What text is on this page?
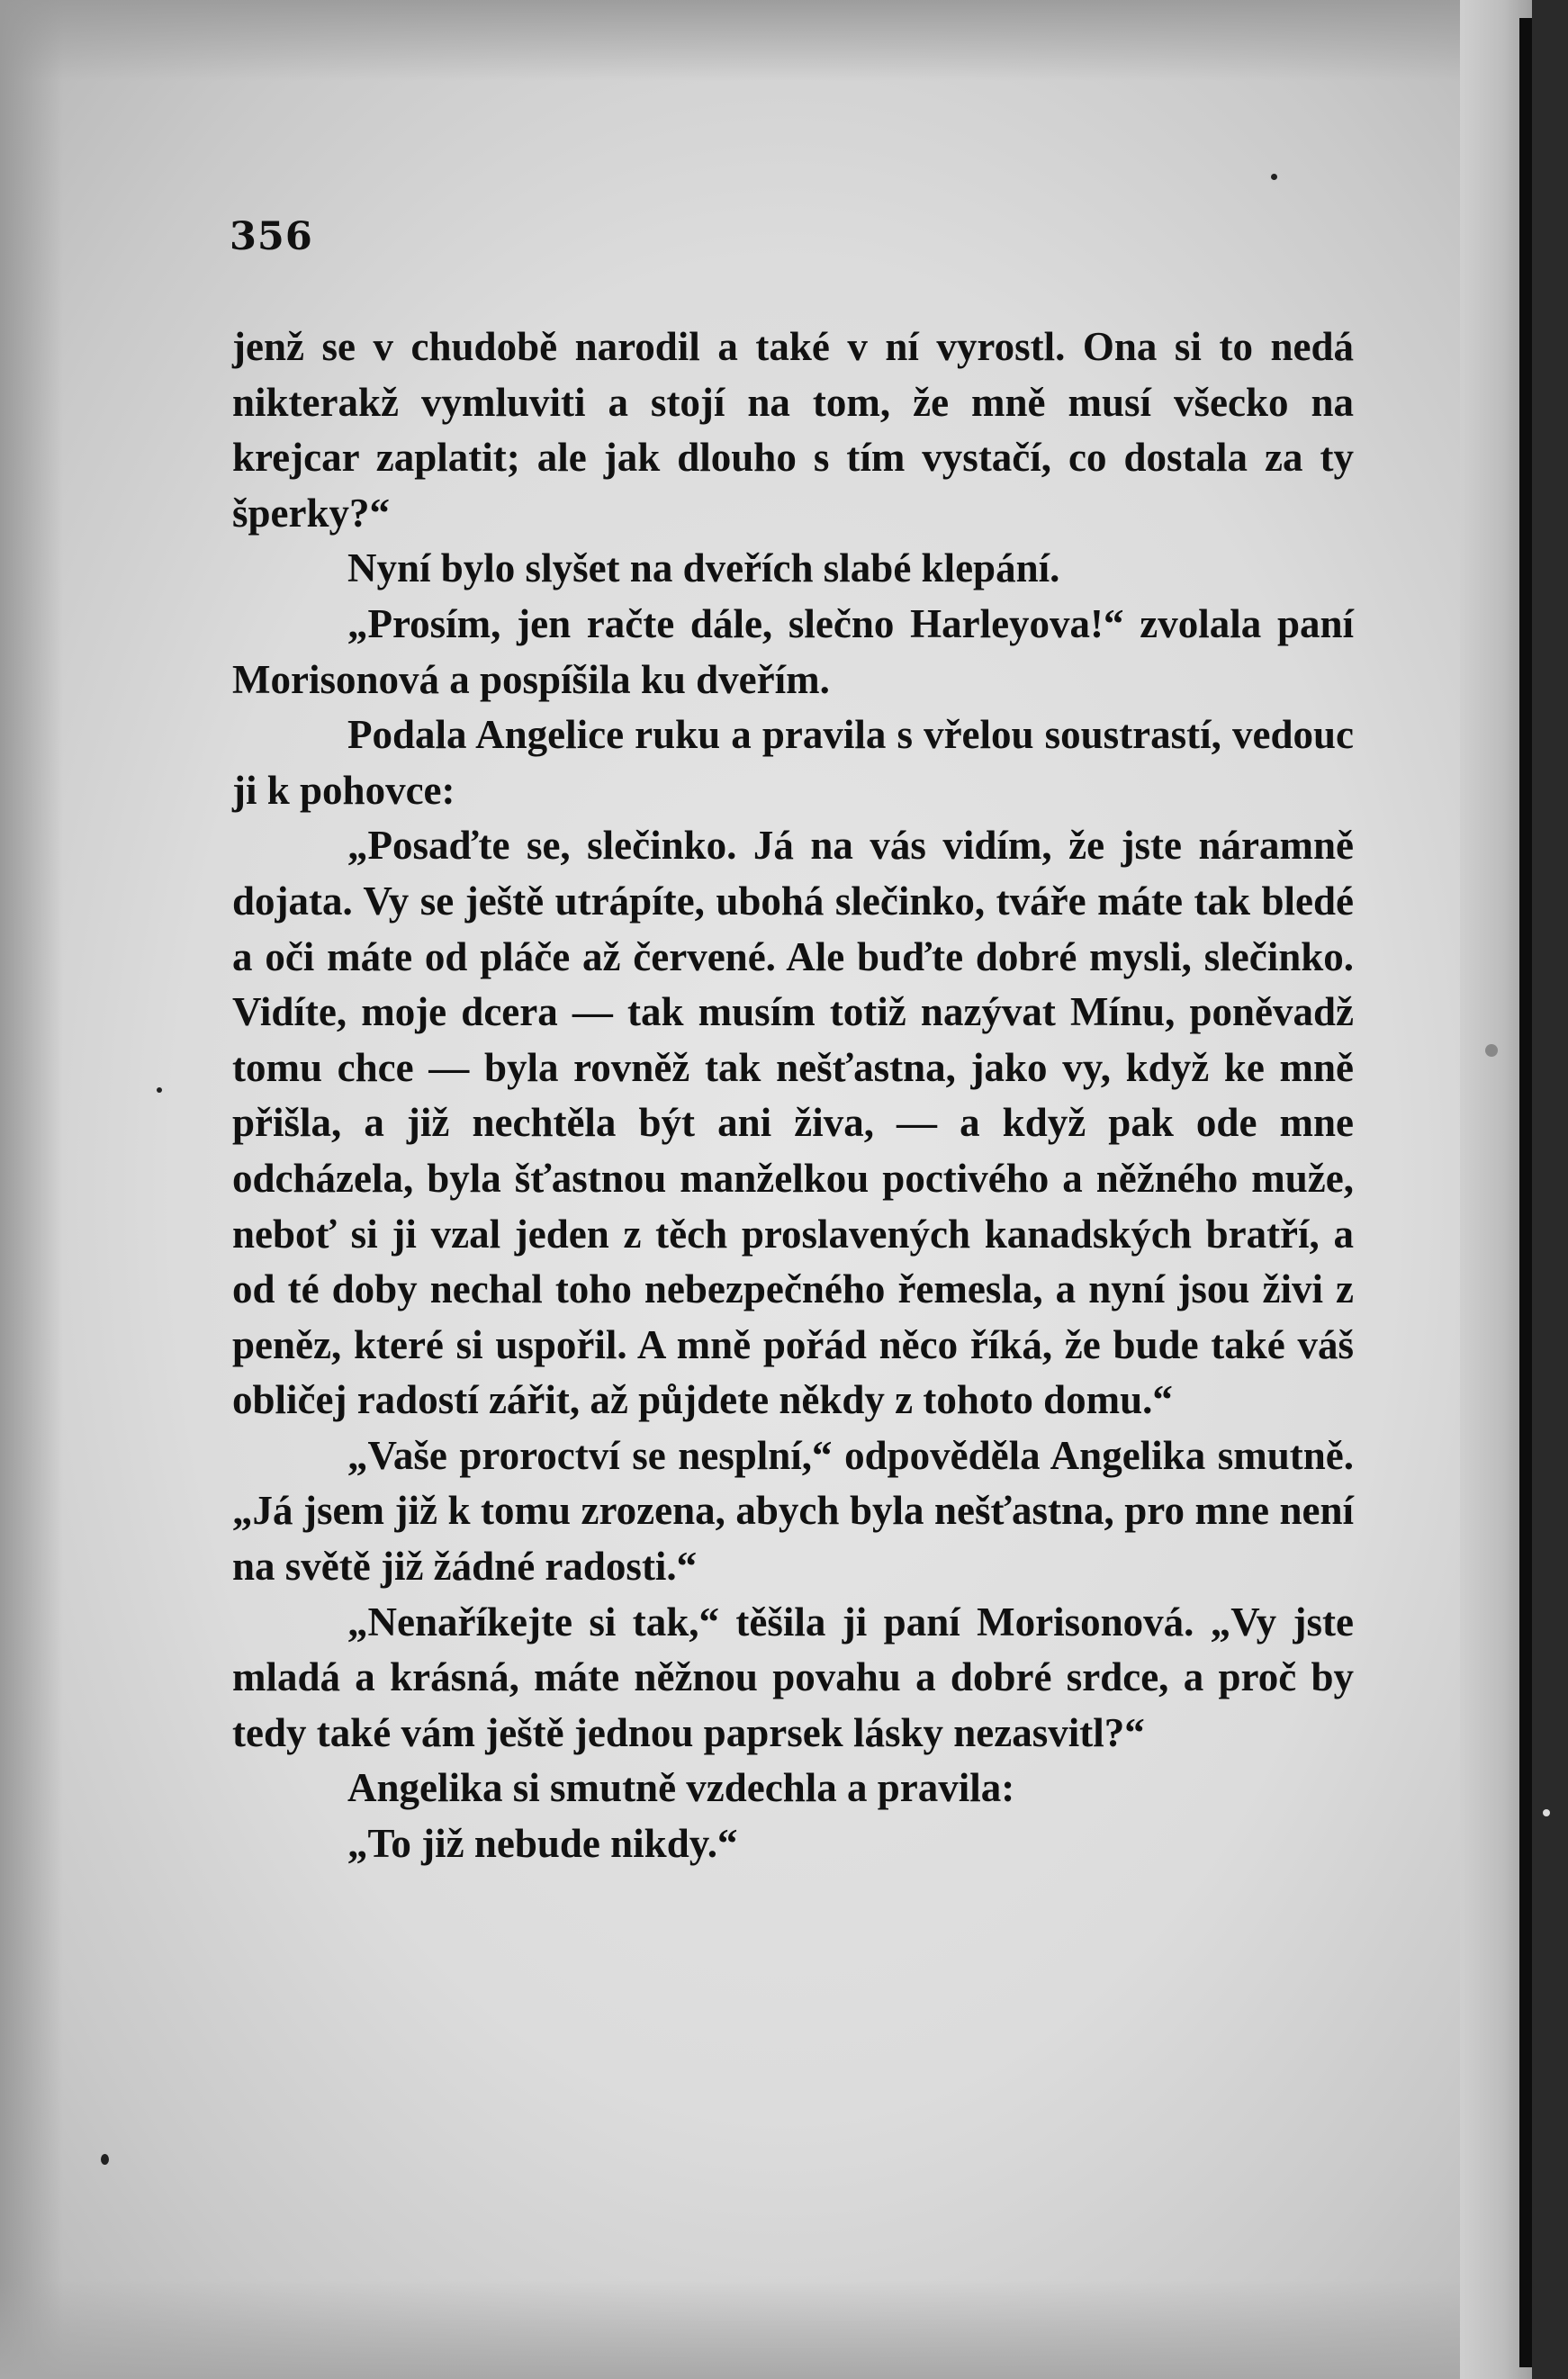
356

jenž se v chudobě narodil a také v ní vyrostl. Ona si to nedá nikterakž vymluviti a stojí na tom, že mně musí všecko na krejcar zaplatit; ale jak dlouho s tím vystačí, co dostala za ty šperky?“

Nyní bylo slyšet na dveřích slabé klepání.

„Prosím, jen račte dále, slečno Harleyova!“ zvolala paní Morisonová a pospíšila ku dveřím.

Podala Angelice ruku a pravila s vřelou soustrastí, vedouc ji k pohovce:

„Posaďte se, slečinko. Já na vás vidím, že jste náramně dojata. Vy se ještě utrápíte, ubohá slečinko, tváře máte tak bledé a oči máte od pláče až červené. Ale buďte dobré mysli, slečinko. Vidíte, moje dcera — tak musím totiž nazývat Mínu, poněvadž tomu chce — byla rovněž tak nešťastna, jako vy, když ke mně přišla, a již nechtěla být ani živa, — a když pak ode mne odcházela, byla šťastnou manželkou poctivého a něžného muže, neboť si ji vzal jeden z těch proslavených kanadských bratří, a od té doby nechal toho nebezpečného řemesla, a nyní jsou živi z peněz, které si uspořil. A mně pořád něco říká, že bude také váš obličej radostí zářit, až půjdete někdy z tohoto domu.“

„Vaše proroctví se nesplní,“ odpověděla Angelika smutně. „Já jsem již k tomu zrozena, abych byla nešťastna, pro mne není na světě již žádné radosti.“

„Nenaříkejte si tak,“ těšila ji paní Morisonová. „Vy jste mladá a krásná, máte něžnou povahu a dobré srdce, a proč by tedy také vám ještě jednou paprsek lásky nezasvitl?“

Angelika si smutně vzdechla a pravila:

„To již nebude nikdy.“
